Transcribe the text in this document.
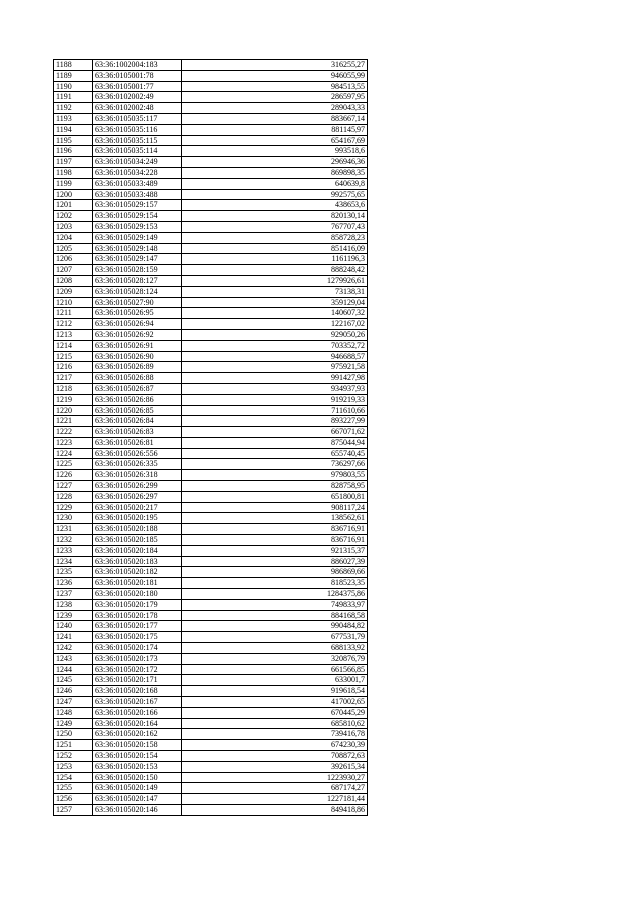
1188	63:36:1002004:183	316255,27
1189	63:36:0105001:78	946055,99
1190	63:36:0105001:77	984513,55
1191	63:36:0102002:49	286597,95
1192	63:36:0102002:48	289043,33
1193	63:36:0105035:117	883667,14
1194	63:36:0105035:116	881145,97
1195	63:36:0105035:115	654167,69
1196	63:36:0105035:114	993518,6
1197	63:36:0105034:249	296946,36
1198	63:36:0105034:228	869898,35
1199	63:36:0105033:489	640639,8
1200	63:36:0105033:488	992575,65
1201	63:36:0105029:157	438653,6
1202	63:36:0105029:154	820130,14
1203	63:36:0105029:153	767707,43
1204	63:36:0105029:149	858728,23
1205	63:36:0105029:148	851416,09
1206	63:36:0105029:147	1161196,3
1207	63:36:0105028:159	888248,42
1208	63:36:0105028:127	1279926,61
1209	63:36:0105028:124	73138,31
1210	63:36:0105027:90	359129,04
1211	63:36:0105026:95	140607,32
1212	63:36:0105026:94	122167,02
1213	63:36:0105026:92	929050,26
1214	63:36:0105026:91	703352,72
1215	63:36:0105026:90	946688,57
1216	63:36:0105026:89	975921,58
1217	63:36:0105026:88	991427,98
1218	63:36:0105026:87	934937,93
1219	63:36:0105026:86	919219,33
1220	63:36:0105026:85	711610,66
1221	63:36:0105026:84	893227,99
1222	63:36:0105026:83	667071,62
1223	63:36:0105026:81	875044,94
1224	63:36:0105026:556	655740,45
1225	63:36:0105026:335	736297,66
1226	63:36:0105026:318	979803,55
1227	63:36:0105026:299	828758,95
1228	63:36:0105026:297	651800,81
1229	63:36:0105020:217	908117,24
1230	63:36:0105020:195	138562,61
1231	63:36:0105020:188	836716,91
1232	63:36:0105020:185	836716,91
1233	63:36:0105020:184	921315,37
1234	63:36:0105020:183	886027,39
1235	63:36:0105020:182	986869,66
1236	63:36:0105020:181	818523,35
1237	63:36:0105020:180	1284375,86
1238	63:36:0105020:179	749833,97
1239	63:36:0105020:178	884168,58
1240	63:36:0105020:177	990484,82
1241	63:36:0105020:175	677531,79
1242	63:36:0105020:174	688133,92
1243	63:36:0105020:173	320876,79
1244	63:36:0105020:172	661566,85
1245	63:36:0105020:171	633001,7
1246	63:36:0105020:168	919618,54
1247	63:36:0105020:167	417002,65
1248	63:36:0105020:166	670445,29
1249	63:36:0105020:164	685810,62
1250	63:36:0105020:162	739416,78
1251	63:36:0105020:158	674230,39
1252	63:36:0105020:154	708872,63
1253	63:36:0105020:153	392615,34
1254	63:36:0105020:150	1223930,27
1255	63:36:0105020:149	687174,27
1256	63:36:0105020:147	1227181,44
1257	63:36:0105020:146	849418,86
